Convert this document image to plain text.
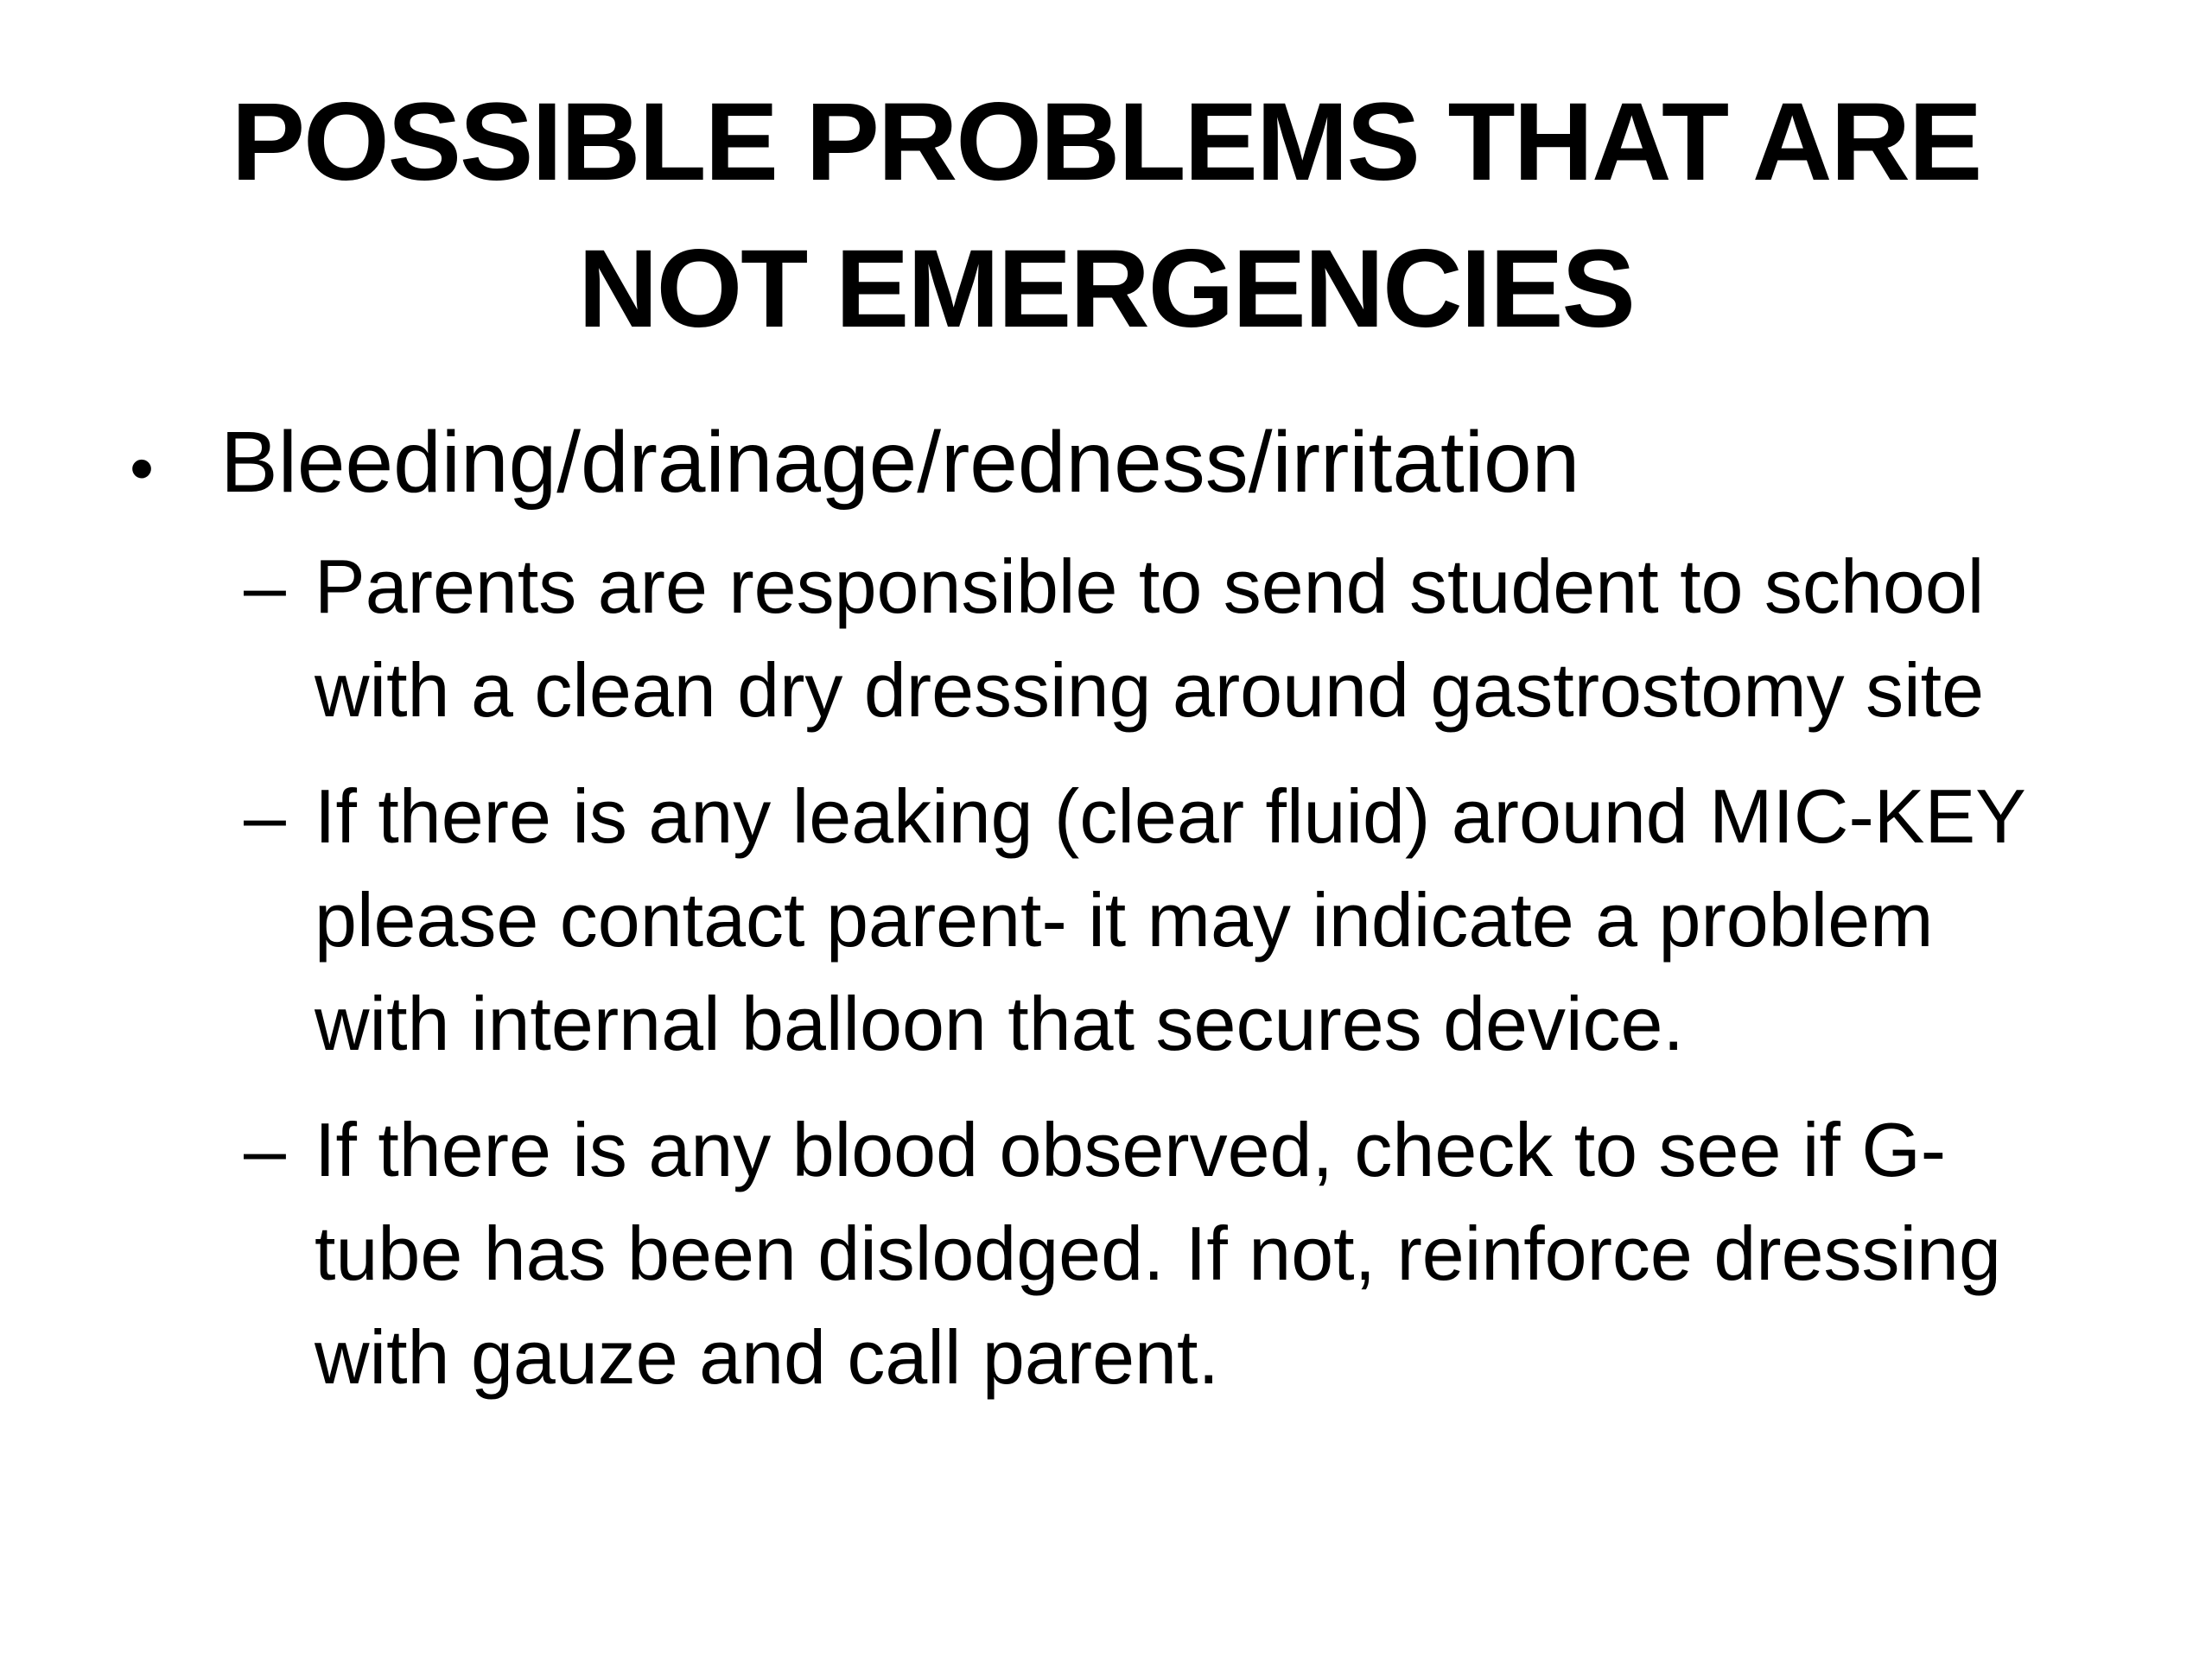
POSSIBLE PROBLEMS THAT ARE NOT EMERGENCIES
• Bleeding/drainage/redness/irritation
– Parents are responsible to send student to school with a clean dry dressing around gastrostomy site
– If there is any leaking (clear fluid) around MIC-KEY please contact parent- it may indicate a problem with internal balloon that secures device.
– If there is any blood observed, check to see if G-tube has been dislodged. If not, reinforce dressing with gauze and call parent.
